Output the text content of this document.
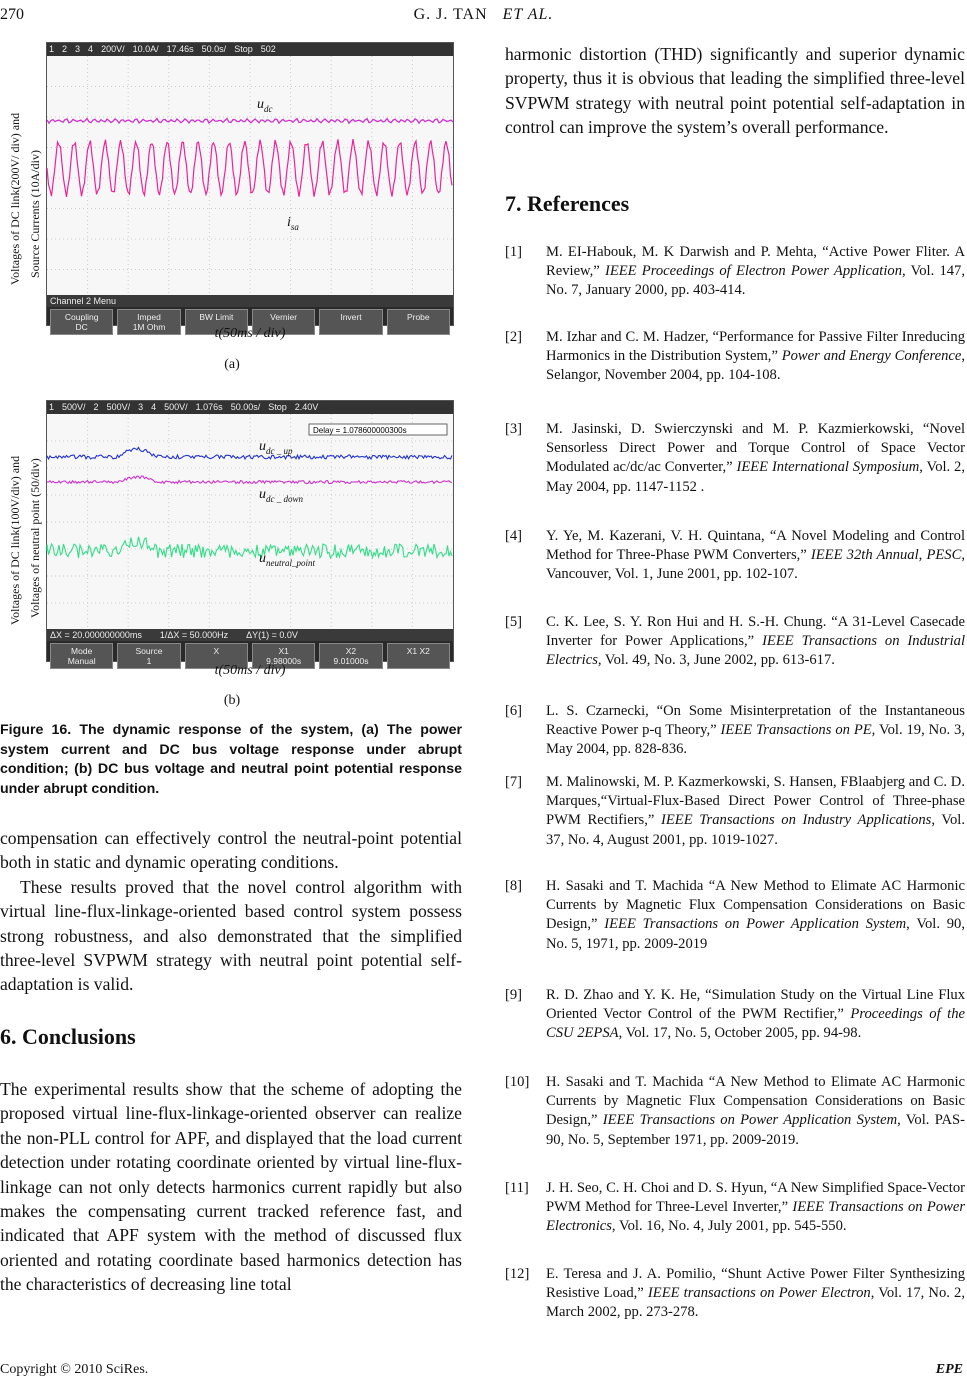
270	G. J. TAN ET AL.
Voltages of DC link(200V/ div) and Source Currents (10A/div)
1 2 3 4 200V/ 10.0A/ 17.46s 50.0s/ Stop 502
$u_{dc}$
$i_{sa}$
Channel 2 Menu
Coupling
DC
Imped
1M Ohm
BW Limit
	Vernier
	Invert
	Probe

t(50ms / div)
(a)
Voltages of DC link(100V/div) and Voltages of neutral point (50/div)
1 500V/ 2 500V/ 3 4 500V/ 1.076s 50.00s/ Stop 2.40V
Delay = 1.078600000300s
$u_{dc \_ up}$
$u_{dc \_ down}$
$u_{neutral\_point}$
ΔX = 20.000000000ms 1/ΔX = 50.000Hz ΔY(1) = 0.0V
Mode
Manual
Source
1
X
	X1
9.98000s
X2
9.01000s
X1 X2

t(50ms / div)
(b)
Figure 16. The dynamic response of the system, (a) The power system current and DC bus voltage response under abrupt condition; (b) DC bus voltage and neutral point potential response under abrupt condition.

compensation can effectively control the neutral-point potential both in static and dynamic operating conditions.

These results proved that the novel control algorithm with virtual line-flux-linkage-oriented based control system possess strong robustness, and also demonstrated that the simplified three-level SVPWM strategy with neutral point potential self-adaptation is valid.

6. Conclusions

The experimental results show that the scheme of adopting the proposed virtual line-flux-linkage-oriented observer can realize the non-PLL control for APF, and displayed that the load current detection under rotating coordinate oriented by virtual line-flux-linkage can not only detects harmonics current rapidly but also makes the compensating current tracked reference fast, and indicated that APF system with the method of discussed flux oriented and rotating coordinate based harmonics detection has the characteristics of decreasing line total

harmonic distortion (THD) significantly and superior dynamic property, thus it is obvious that leading the simplified three-level SVPWM strategy with neutral point potential self-adaptation in control can improve the system’s overall performance.

7. References
[1] M. EI-Habouk, M. K Darwish and P. Mehta, “Active Power Fliter. A Review,” IEEE Proceedings of Electron Power Application, Vol. 147, No. 7, January 2000, pp. 403-414.
[2] M. Izhar and C. M. Hadzer, “Performance for Passive Filter Inreducing Harmonics in the Distribution System,” Power and Energy Conference, Selangor, November 2004, pp. 104-108.
[3] M. Jasinski, D. Swierczynski and M. P. Kazmierkowski, “Novel Sensorless Direct Power and Torque Control of Space Vector Modulated ac/dc/ac Converter,” IEEE International Symposium, Vol. 2, May 2004, pp. 1147-1152 .
[4] Y. Ye, M. Kazerani, V. H. Quintana, “A Novel Modeling and Control Method for Three-Phase PWM Converters,” IEEE 32th Annual, PESC, Vancouver, Vol. 1, June 2001, pp. 102-107.
[5] C. K. Lee, S. Y. Ron Hui and H. S.-H. Chung. “A 31-Level Casecade Inverter for Power Applications,” IEEE Transactions on Industrial Electrics, Vol. 49, No. 3, June 2002, pp. 613-617.
[6] L. S. Czarnecki, “On Some Misinterpretation of the Instantaneous Reactive Power p-q Theory,” IEEE Transactions on PE, Vol. 19, No. 3, May 2004, pp. 828-836.
[7] M. Malinowski, M. P. Kazmerkowski, S. Hansen, FBlaabjerg and C. D. Marques,“Virtual-Flux-Based Direct Power Control of Three-phase PWM Rectifiers,” IEEE Transactions on Industry Applications, Vol. 37, No. 4, August 2001, pp. 1019-1027.
[8] H. Sasaki and T. Machida “A New Method to Elimate AC Harmonic Currents by Magnetic Flux Compensation Considerations on Basic Design,” IEEE Transactions on Power Application System, Vol. 90, No. 5, 1971, pp. 2009-2019
[9] R. D. Zhao and Y. K. He, “Simulation Study on the Virtual Line Flux Oriented Vector Control of the PWM Rectifier,” Proceedings of the CSU 2EPSA, Vol. 17, No. 5, October 2005, pp. 94-98.
[10] H. Sasaki and T. Machida “A New Method to Elimate AC Harmonic Currents by Magnetic Flux Compensation Considerations on Basic Design,” IEEE Transactions on Power Application System, Vol. PAS-90, No. 5, September 1971, pp. 2009-2019.
[11] J. H. Seo, C. H. Choi and D. S. Hyun, “A New Simplified Space-Vector PWM Method for Three-Level Inverter,” IEEE Transactions on Power Electronics, Vol. 16, No. 4, July 2001, pp. 545-550.
[12] E. Teresa and J. A. Pomilio, “Shunt Active Power Filter Synthesizing Resistive Load,” IEEE transactions on Power Electron, Vol. 17, No. 2, March 2002, pp. 273-278.
Copyright © 2010 SciRes.	EPE
